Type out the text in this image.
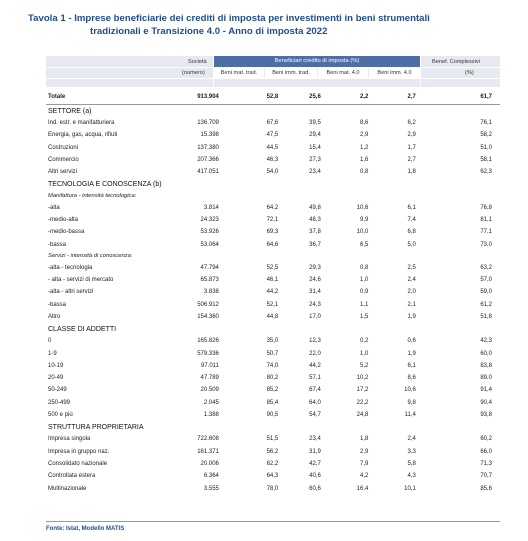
Tavola 1 - Imprese beneficiarie dei crediti di imposta per investimenti in beni strumentali
tradizionali e Transizione 4.0 - Anno di imposta 2022
Società
(numero)
Beneficiari credito di imposta (%)
Beni mat. trad.	Beni imm. trad.	Beni mat. 4.0	Beni imm. 4.0
Benef. Complessivi
(%)
Totale	913.904	52,8	25,6	2,2	2,7	61,7
SETTORE (a)						
Ind. estr. e manifatturiera	136.709	67,6	39,5	8,6	6,2	76,1
Energia, gas, acqua, rifiuti	15.398	47,5	29,4	2,9	2,9	58,2
Costruzioni	137.380	44,5	15,4	1,2	1,7	51,0
Commercio	207.366	46,3	27,3	1,6	2,7	58,1
Altri servizi	417.051	54,0	23,4	0,8	1,8	62,3
TECNOLOGIA E CONOSCENZA (b)						
Manifattura - intensità tecnologica:						
-alta	3.814	64,2	49,8	10,6	6,1	76,8
-medio-alta	24.323	72,1	48,3	9,9	7,4	81,1
-medio-bassa	53.926	69,3	37,8	10,0	6,8	77,1
-bassa	53.064	64,6	36,7	6,5	5,0	73,0
Servizi - intensità di conoscenza:						
-alta - tecnologia	47.794	52,5	29,3	0,8	2,5	63,2
- alta - servizi di mercato	65.873	46,1	24,6	1,0	2,4	57,0
-alta - altri servizi	3.838	44,2	31,4	0,9	2,0	59,0
-bassa	506.912	52,1	24,3	1,1	2,1	61,2
Altro	154.360	44,8	17,0	1,5	1,9	51,8
CLASSE DI ADDETTI						
0	165.826	35,0	12,3	0,2	0,6	42,3
1-9	579.336	50,7	22,0	1,0	1,9	60,0
10-19	97.011	74,0	44,2	5,2	6,1	83,8
20-49	47.789	80,2	57,1	10,2	8,6	89,0
50-249	20.509	85,2	67,4	17,2	10,6	91,4
250-499	2.045	85,4	64,0	22,2	9,8	90,4
500 e più	1.388	90,5	54,7	24,8	11,4	93,8
STRUTTURA PROPRIETARIA						
Impresa singola	722.608	51,5	23,4	1,8	2,4	60,2
Impresa in gruppo naz.	161.371	56,2	31,9	2,9	3,3	66,0
Consolidato nazionale	20.006	62,2	42,7	7,9	5,8	71,3
Controllata estera	6.364	64,3	40,6	4,2	4,3	70,7
Multinazionale	3.555	78,0	60,6	16,4	10,1	85,6
Fonte: Istat, Modello MATIS
